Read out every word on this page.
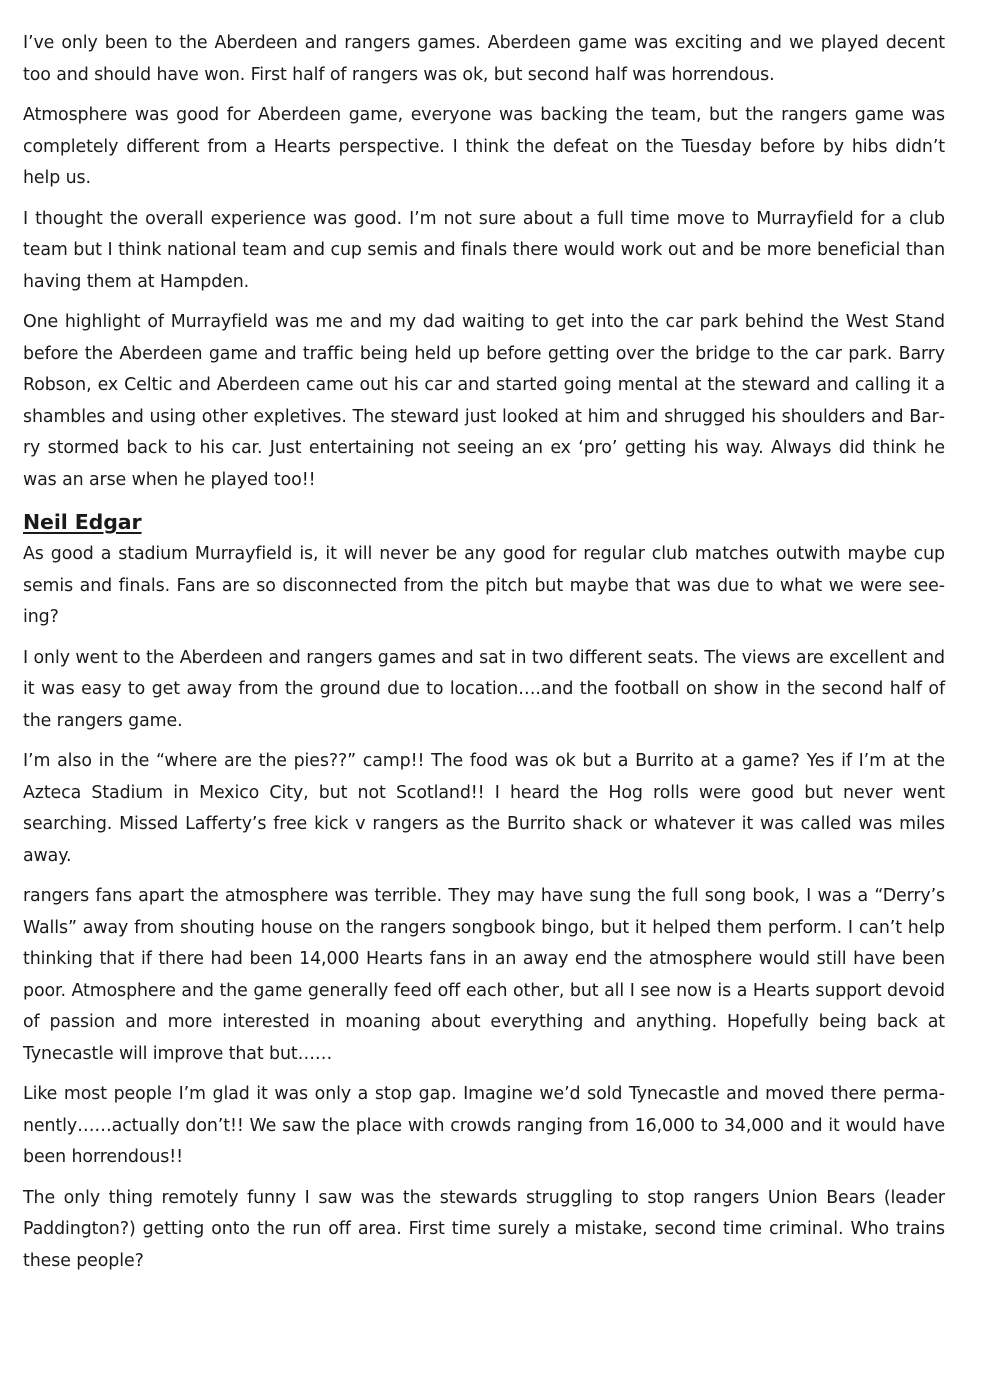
I’ve only been to the Aberdeen and rangers games. Aberdeen game was exciting and we played decent too and should have won. First half of rangers was ok, but second half was horrendous.

Atmosphere was good for Aberdeen game, everyone was backing the team, but the rangers game was completely different from a Hearts perspective. I think the defeat on the Tuesday before by hibs didn’t help us.

I thought the overall experience was good. I’m not sure about a full time move to Murrayfield for a club team but I think national team and cup semis and finals there would work out and be more beneficial than having them at Hampden.

One highlight of Murrayfield was me and my dad waiting to get into the car park behind the West Stand before the Aberdeen game and traffic being held up before getting over the bridge to the car park. Barry Robson, ex Celtic and Aberdeen came out his car and started going mental at the steward and calling it a shambles and using other expletives. The steward just looked at him and shrugged his shoulders and Barry stormed back to his car. Just entertaining not seeing an ex ‘pro’ getting his way. Always did think he was an arse when he played too!!

Neil Edgar

As good a stadium Murrayfield is, it will never be any good for regular club matches outwith maybe cup semis and finals. Fans are so disconnected from the pitch but maybe that was due to what we were seeing?

I only went to the Aberdeen and rangers games and sat in two different seats. The views are excellent and it was easy to get away from the ground due to location….and the football on show in the second half of the rangers game.

I’m also in the “where are the pies??” camp!! The food was ok but a Burrito at a game? Yes if I’m at the Azteca Stadium in Mexico City, but not Scotland!! I heard the Hog rolls were good but never went searching. Missed Lafferty’s free kick v rangers as the Burrito shack or whatever it was called was miles away.

rangers fans apart the atmosphere was terrible. They may have sung the full song book, I was a “Derry’s Walls” away from shouting house on the rangers songbook bingo, but it helped them perform. I can’t help thinking that if there had been 14,000 Hearts fans in an away end the atmosphere would still have been poor. Atmosphere and the game generally feed off each other, but all I see now is a Hearts support devoid of passion and more interested in moaning about everything and anything. Hopefully being back at Tynecastle will improve that but……

Like most people I’m glad it was only a stop gap. Imagine we’d sold Tynecastle and moved there permanently……actually don’t!! We saw the place with crowds ranging from 16,000 to 34,000 and it would have been horrendous!!

The only thing remotely funny I saw was the stewards struggling to stop rangers Union Bears (leader Paddington?) getting onto the run off area. First time surely a mistake, second time criminal. Who trains these people?
